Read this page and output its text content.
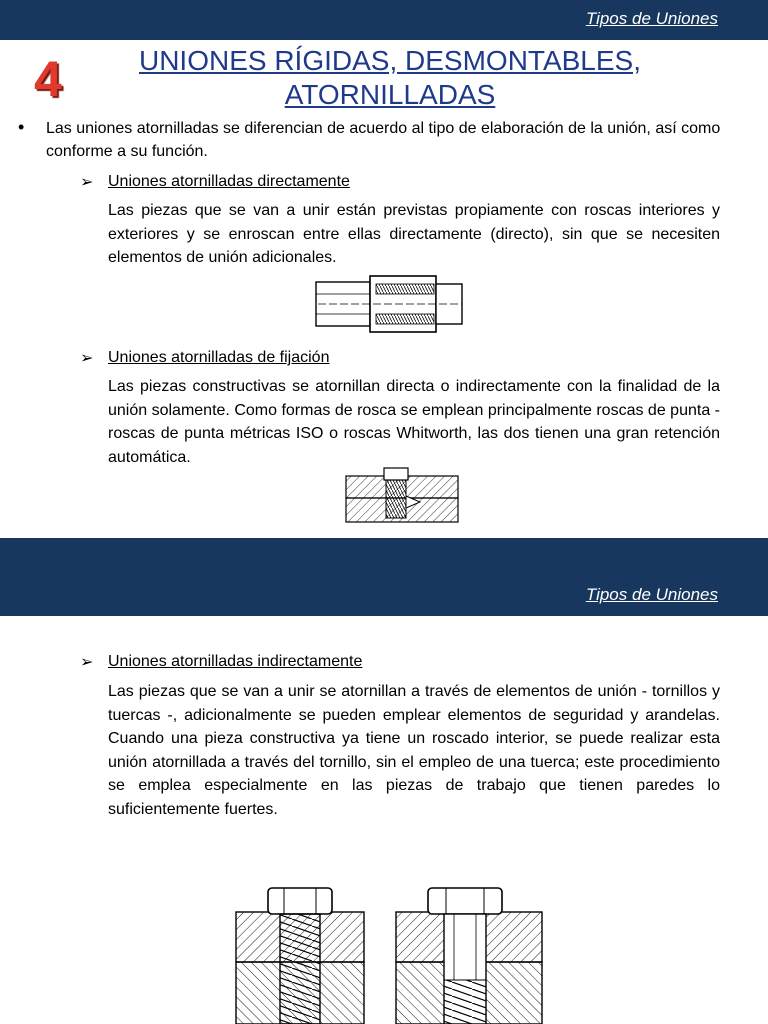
Tipos de Uniones
4	UNIONES RÍGIDAS, DESMONTABLES,
ATORNILLADAS
• Las uniones atornilladas se diferencian de acuerdo al tipo de elaboración de la unión, así como conforme a su función.
➢ Uniones atornilladas directamente
Las piezas que se van a unir están previstas propiamente con roscas interiores y exteriores y se enroscan entre ellas directamente (directo), sin que se necesiten elementos de unión adicionales.
➢ Uniones atornilladas de fijación
Las piezas constructivas se atornillan directa o indirectamente con la finalidad de la unión solamente. Como formas de rosca se emplean principalmente roscas de punta - roscas de punta métricas ISO o roscas Whitworth, las dos tienen una gran retención automática.
Tipos de Uniones
➢ Uniones atornilladas indirectamente
Las piezas que se van a unir se atornillan a través de elementos de unión - tornillos y tuercas -, adicionalmente se pueden emplear elementos de seguridad y arandelas. Cuando una pieza constructiva ya tiene un roscado interior, se puede realizar esta unión atornillada a través del tornillo, sin el empleo de una tuerca; este procedimiento se emplea especialmente en las piezas de trabajo que tienen paredes lo suficientemente fuertes.
